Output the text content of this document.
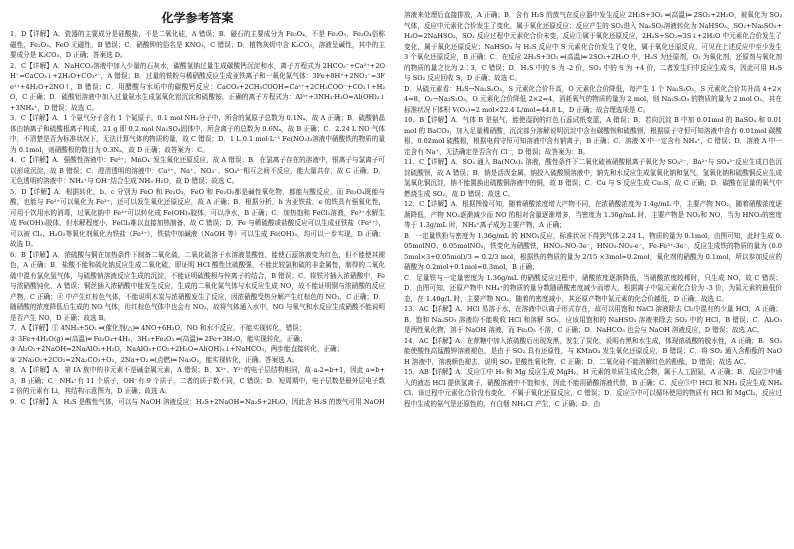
化学参考答案

1．D【详解】A．瓷器的主要成分是硅酸盐，不是二氧化硅，A 错误；B．磁石的主要成分为 Fe₃O₄，不是 Fe₂O₃，Fe₃O₄俗称磁性，Fe₂O₃、FeO 无磁性，B 错误；C．硝酸钾的俗名是 KNO₃，C 错误；D．植物灰烬中含 K₂CO₃，溶液呈碱性，其中的主要成分是 K₂CO₃，D 正确；答案选 D。

2．C【详解】A．NaHCO₃溶液中加入少量的石灰水，碳酸氢钠过量生成碳酸钙沉淀和水，离子方程式为 2HCO₃⁻+Ca²⁺+2OH⁻=CaCO₃↓+2H₂O+CO₃²⁻，A 错误；B．过量的铁粉与稀硝酸反应生成亚铁离子和一氧化氮气体：3Fe+8H⁺+2NO₃⁻=3Fe²⁺+4H₂O+2NO↑，B 错误；C．用醋酸与水垢中的碳酸钙反应：CaCO₃+2CH₃COOH=Ca²⁺+2CH₃COO⁻+CO₂↑+H₂O，C 正确；D．硫酸铝溶液中加入过量氨水生成氢氧化铝沉淀和硫酸铵，正确的离子方程式为：Al³⁺+3NH₃·H₂O=Al(OH)₃↓+3NH₄⁺，D 错误；故选 C。

3．C【详解】A．1 个氨气分子含有 1 个氮原子，0.1 mol NH₃分子中，所含的氮原子总数为 0.1Nₐ，故 A 正确；B．硫酸钠晶体由钠离子和硫酸根离子构成，21 g 即 0.2 mol Na₂SO₄固体中，所含离子的总数为 0.6Nₐ，故 B 正确；C．2.24 L NO 气体中，不清楚是否为标准状况下，无法计算气体的物质的量，故 C 错误；D．1 L 0.1 mol·L⁻¹ Fe(NO₃)₃溶液中硝酸铁的物质的量为 0.1mol，则硝酸根的数目为 0.3Nₐ，故 D 正确；故答案为：C。

4．C【详解】A．强酸性溶液中：Fe²⁺、MnO₄⁻发生氧化还原反应，故 A 错误；B．在氯离子存在的溶液中，银离子与氯离子可以形成沉淀，故 B 错误；C．澄清透明的溶液中：Cu²⁺、Na⁺、NO₃⁻、SO₄²⁻相互之间不反应，能大量共存，故 C 正确；D．无色透明的溶液中：NH₄⁺与 OH⁻结合生成 NH₃·H₂O，故 D 错误；故选 C。

5．D【详解】A．根据转化，b、c 分别为 FeO 和 Fe₂O₃，FeO 和 Fe₂O₃都是碱性氧化物，都能与酸反应，而 Fe₃O₄既能与酸，也能与 Fe²⁺可以氧化为 Fe³⁺，还可以发生氧化还原反应，故 A 正确；B．根据分析，h 为亚铁盐，e 的铁具有强氧化性，可用于饮用水的消毒，过氧化钠中 Fe³⁺可以转化成 Fe(OH)₃胶体，可以净水，B 正确；C．加热饱和 FeCl₃溶液，Fe³⁺水解生成 Fe(OH)₃胶体，但水解程度小，FeCl₃难以直接加热制备，故 C 错误；D．Fe 与稀硫酸或盐酸反应可以生成亚铁盐（Fe²⁺），可以被 Cl₂、H₂O₂等氧化剂氧化为铁盐（Fe³⁺），铁盐中加碱液（NaOH 等）可以生成 Fe(OH)₃，均可以一步实现，D 正确；故选 D。

6．B【详解】A．浓硫酸与铜在加热条件下制备二氧化硫，二氧化硫溶于水溶液显酸性，能使石蕊溶液变为红色，但不能使其褪色，A 正确；B．盐酸不能和硫化钠反应生成二氧化硫，即证明 HCl 酸性比硫酸强，不能比较氯和硫的非金属性，制得的二氧化硫中混有氯化氢气体，与硫酸钠溶液反应生成的沉淀，不能证明硫酸根与锌离子的结合，B 错误；C．将铁片插入浓硝酸中，Fe 与浓硝酸钝化，A 错误；铜丝插入浓硝酸中能发生反应，生成的二氧化氮气体与水反应生成 NO，故不能证明铜与浓硝酸的反应产物，C 正确；④ 中产生红棕色气体，不能说明木炭与浓硝酸发生了反应，因浓硝酸受热分解产生红棕色的 NO₂，C 正确；D．随硝酸的浓度降低后生成的 NO 气体，但红棕色气体中也会有 NO₂，故将气体通入水中，NO 与氧气和水反应生成硝酸不能说明是否产生 NO，D 正确；故选 B。

7．A【详解】① 4NH₃+5O₂ ═(催化剂/△)═ 4NO+6H₂O，NO 和水不反应，不能实现转化，错误；

② 3Fe+4H₂O(g) ═(高温)═ Fe₃O₄+4H₂，3H₂+Fe₂O₃ ═(高温)═ 2Fe+3H₂O，能实现转化，正确；

③ Al₂O₃+2NaOH=2NaAlO₂+H₂O，NaAlO₂+CO₂+2H₂O=Al(OH)₃↓+NaHCO₃，两步能直接转化，正确；

④ 2Na₂O₂+2CO₂=2Na₂CO₃+O₂，2Na+O₂ ═(点燃)═ Na₂O₂，能实现转化，正确。答案选 A。

8．A【详解】A．第 ⅠA 族中的非元素不是碱金属元素，A 错误；B．X²⁺、Y²⁻的电子层结构相同，故 a-2=b+1，因此 a=b+3，B 正确；C．NH₄⁺有 11 个质子，OH⁻有 9 个质子，二者的质子数不同，C 错误；D．短周期中，电子层数是最外层电子数 2 倍的元素有 Li，其结构示意图为，D 正确；故选 A。

9．C【详解】A．H₂S 是酸性气体，可以与 NaOH 溶液反应：H₂S+2NaOH=Na₂S+2H₂O，因此含 H₂S 的废气可用 NaOH

溶液来处理后直接排放，A 正确；B．含有 H₂S 的废气在反应器中发生反应 2H₂S+3O₂ ═(高温)═ 2SO₂+2H₂O，被氧化为 SO₂气体，反应中元素化合价发生了变化，属于氧化还原反应；反应产生的 SO₂进入 Na₂SO₃溶液转化为 NaHSO₃，SO₂+Na₂SO₃+H₂O=2NaHSO₃，SO₂ 反应过程中元素化合价未变，反应①属于氧化还原反应，2H₂S+SO₂=3S↓+2H₂O 中元素化合价发生了变化，属于氧化还原反应；NaHSO₃ 与 H₂S 反应中 S 元素化合价发生了变化，属于氧化还原反应，可见在上述反应中至少发生 3 个氧化还原反应，B 正确；C．在反应 2H₂S+3O₂ ═(高温)═ 2SO₂+2H₂O 中，H₂S 为还原剂，O₂ 为氧化剂，还原剂与氧化剂的物质的量之比为 2∶3，C 错误；D．H₂S 中的 S 为 -2 价，SO₂ 中的 S 为 +4 价，二者发生归中反应生成 S，因此可用 H₂S 与 SO₂ 反应回收 S，D 正确；故选 C。

D．从硫元素看：H₂S→Na₂S₂O₃，S 元素化合价升高，O 元素化合价降低，每产生 1 个 Na₂S₂O₃，S 元素化合价共升高 4+2×4=8，O₂→Na₂S₂O₃，O 元素化合价降低 2×2=4，消耗氧气的物质的量为 2 mol，则 Na₂S₂O₃ 的物质的量为 2 mol O₂，其在标准状况下体积 V(O₂)=2 mol×22.4 L/mol=44.8 L，D 正确；故合理选项是 C。

10．B【详解】A．气体 B 是氨气，能使湿润的红色石蕊试纸变蓝，A 错误；B．若向沉淀 B 中加 0.01mol 的 BaSO₄ 和 0.01mol 的 BaCO₃，加入足量稀硝酸，沉淀部分溶解说明沉淀中含有碳酸钡和硫酸钡，根据原子守恒可知溶液中含有 0.01mol 碳酸根、0.02mol 硫酸根，根据电荷守恒可知溶液中含有钠离子，B 正确；C．溶液 X 中一定含有 NH₄⁺，C 错误；D．溶液 A 中一定含有 Na⁺，无法确定是否含有 Cl⁻，D 错误；故答案为：B。

11．C【详解】A．SO₂ 通入 Ba(NO₃)₂ 溶液，酸性条件下二氧化硫被硝酸根离子氧化为 SO₄²⁻，Ba²⁺与 SO₄²⁻反应生成白色沉淀硫酸钡，故 A 错误；B．钠是活泼金属，钠投入硫酸铜溶液中，钠先和水反应生成氢氧化钠和氢气，氢氧化钠和硫酸铜反应生成氢氧化铜沉淀，钠不能置换出硫酸铜溶液中的铜，故 B 错误；C．Cu 与 S 反应生成 Cu₂S，故 C 正确；D．碳酸在足量的氧气中燃烧生成 SO₂，故 D 错误；故选 C。

12．C【详解】A．根据图像可知，随着硝酸浓度增大产物不同，在浓硝酸浓度为 1.4g/mL 中，主要产物 NO₂，随着硝酸浓度逐渐降低，产物 NO₂逐渐减少而 NO 的相对含量逐渐增多，当密度为 1.36g/mL 时，主要产物是 NO₂和 NO，当为 HNO₃的密度等于 1.3g/mL 时，NH₄⁺离子成为主要产物，A 正确；

B．一定量铁粉与密度为 1.36g/mL 的 HNO₃反应，标准状况下得到气体 2.24 L，物质的量为 0.1mol，由图可知，此时生成 0.05molNO、0.05molNO₂，铁变化为硝酸铁，HNO₃-NO-3e⁻，HNO₃-NO₂-e⁻，Fe-Fe³⁺-3e⁻，反应生成铁的物质的量为 (0.05mol×3+0.05mol)/3 = 0.2/3 mol，根据铁的物质的量为 2/15 ×3mol=0.2mol，氧化剂的硝酸为 0.1mol，所以参加反应的硝酸为 0.2mol+0.1mol=0.3mol，B 正确；

C．足量铁与一定量密度为 1.36g/mL 的硝酸反应过程中，硝酸浓度逐渐降低，当硝酸浓度较稀时，只生成 NO，故 C 错误；D．由图可知，还原产物中 NH₄⁺的物质的量分数随硝酸密度减少而增大，根据离子中氮元素化合价为 -3 价，为氮元素的最低价态，在 1.40g/L 时，主要产物 NO₂，随着的密度减小，其还原产物中氮元素的化合价越低，D 正确；故选 C。

13．AC【详解】A．HCl 易溶于水，在溶液中以离子形式存在，故可以用饱和 NaCl 溶液除去 Cl₂中混有的少量 HCl，A 正确；B．饱和 Na₂SO₃ 溶液均不能吸收 HCl 和溶解 SO₂，应该用饱和的 NaHSO₃ 溶液来除去 SO₂ 中的 HCl，B 错误；C．Al₂O₃ 是两性氧化物，溶于 NaOH 溶液，而 Fe₂O₃ 不溶，C 正确；D．NaHCO₃ 也会与 NaOH 溶液反应，D 错误；故选 AC。

14．AC【详解】A．在蔗糖中加入浓硫酸后出现发黑，发生了炭化，说明有黑和水生成，体现浓硫酸的脱水性，A 正确；B．SO₂ 能使酸性高锰酸钾溶液褪色，是由于 SO₂ 具有还原性，与 KMnO₄ 发生氧化还原反应，B 错误；C．将 SO₂ 通入含酚酞的 NaOH 溶液中，溶液颜色褪去，说明 SO₂ 是酸性氧化物，C 正确；D．二氧化硅不能溶解红色的酚酞，D 错误；故选 AC。

15．AB【详解】A．反应①中 H₂ 和 Mg 反应生成 MgH₂，H 元素的单质生成化合物，属于人工固氮，A 正确；B．反应②中通入的液态 HCl 提供氢离子，硝酸溶液中不饱和水，因此不能用硝酸溶液代替，B 正确；C．反应③中 HCl 和 NH₃ 反应生成 NH₄Cl，该过程中元素化合价没有变化，不属于氧化还原反应，C 错误；D．反应⑤中可以循环使用的物质有 HCl 和 MgCl₂，反应过程中生成的氨气是还原性的，有白烟 NH₄Cl 产生，C 正确；D．由
